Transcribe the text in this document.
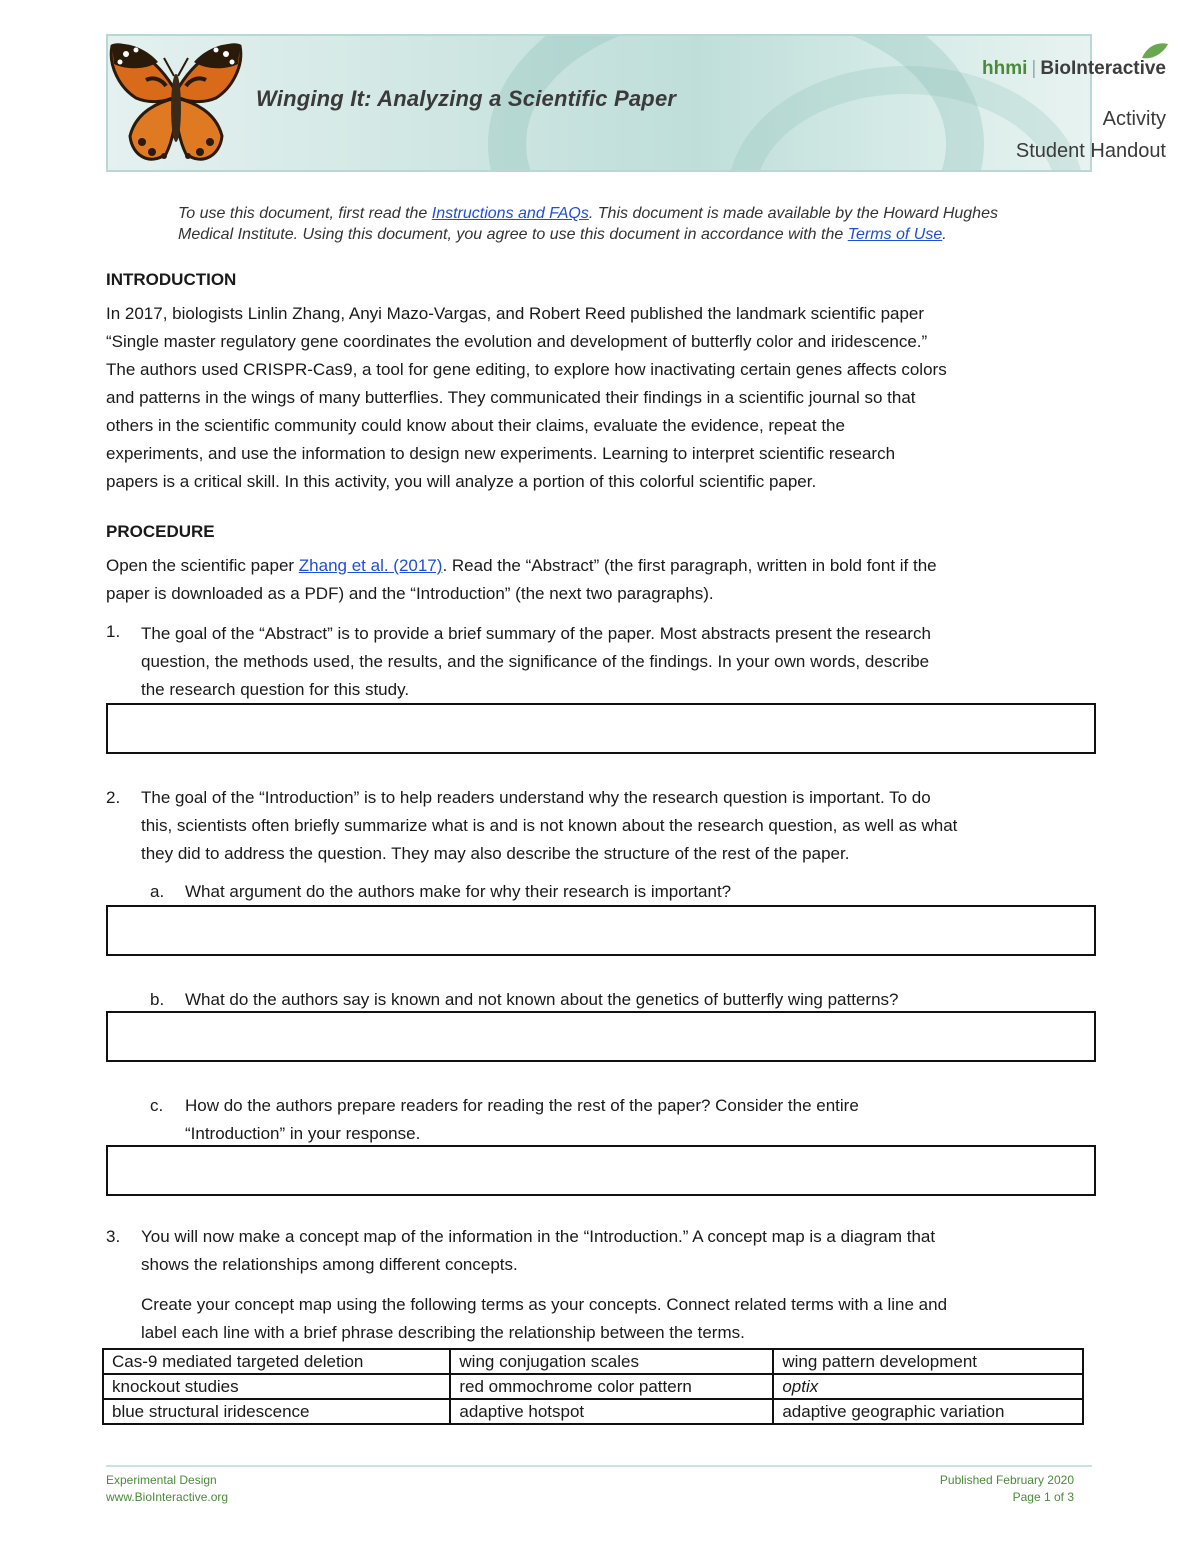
Winging It: Analyzing a Scientific Paper
hhmi | BioInteractive
Activity
Student Handout
To use this document, first read the Instructions and FAQs. This document is made available by the Howard Hughes
Medical Institute. Using this document, you agree to use this document in accordance with the Terms of Use.
INTRODUCTION
In 2017, biologists Linlin Zhang, Anyi Mazo-Vargas, and Robert Reed published the landmark scientific paper
“Single master regulatory gene coordinates the evolution and development of butterfly color and iridescence.”
The authors used CRISPR-Cas9, a tool for gene editing, to explore how inactivating certain genes affects colors
and patterns in the wings of many butterflies. They communicated their findings in a scientific journal so that
others in the scientific community could know about their claims, evaluate the evidence, repeat the
experiments, and use the information to design new experiments. Learning to interpret scientific research
papers is a critical skill. In this activity, you will analyze a portion of this colorful scientific paper.
PROCEDURE
Open the scientific paper Zhang et al. (2017). Read the “Abstract” (the first paragraph, written in bold font if the
paper is downloaded as a PDF) and the “Introduction” (the next two paragraphs).
1. The goal of the “Abstract” is to provide a brief summary of the paper. Most abstracts present the research
question, the methods used, the results, and the significance of the findings. In your own words, describe
the research question for this study.
2. The goal of the “Introduction” is to help readers understand why the research question is important. To do
this, scientists often briefly summarize what is and is not known about the research question, as well as what
they did to address the question. They may also describe the structure of the rest of the paper.
a. What argument do the authors make for why their research is important?
b. What do the authors say is known and not known about the genetics of butterfly wing patterns?
c. How do the authors prepare readers for reading the rest of the paper? Consider the entire
“Introduction” in your response.
3. You will now make a concept map of the information in the “Introduction.” A concept map is a diagram that
shows the relationships among different concepts.
Create your concept map using the following terms as your concepts. Connect related terms with a line and
label each line with a brief phrase describing the relationship between the terms.
Cas-9 mediated targeted deletion	wing conjugation scales	wing pattern development
knockout studies	red ommochrome color pattern	optix
blue structural iridescence	adaptive hotspot	adaptive geographic variation
Experimental Design
www.BioInteractive.org
Published February 2020
Page 1 of 3
